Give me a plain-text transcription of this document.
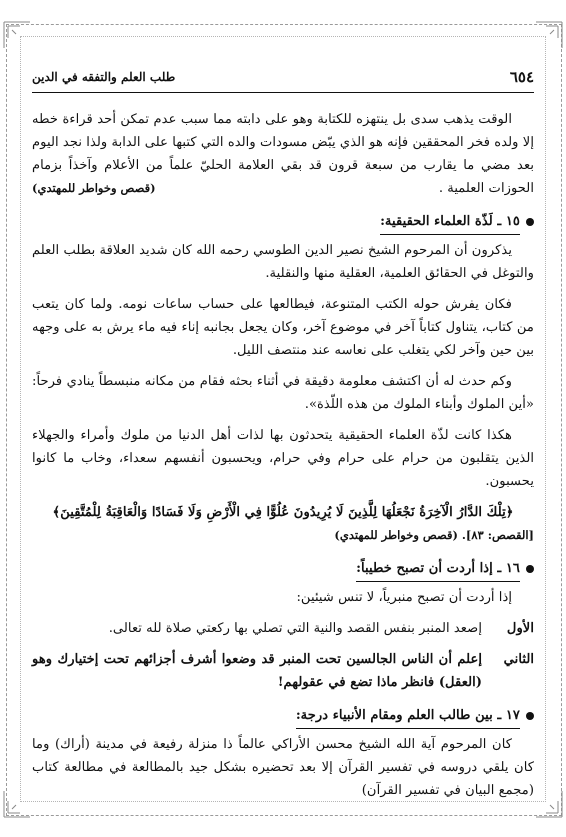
٦٥٤
طلب العلم والتفقه في الدين

الوقت يذهب سدى بل ينتهزه للكتابة وهو على دابته مما سبب عدم تمكن أحد قراءة خطه إلا ولده فخر المحققين فإنه هو الذي يبّض مسودات والده التي كتبها على الدابة ولذا نجد اليوم بعد مضي ما يقارب من سبعة قرون قد بقي العلامة الحليّ علماً من الأعلام وآخذاً بزمام الحوزات العلمية .

(قصص وخواطر للمهتدي)

١٥ ـ لَذّة العلماء الحقيقية:

يذكرون أن المرحوم الشيخ نصير الدين الطوسي رحمه الله كان شديد العلاقة بطلب العلم والتوغل في الحقائق العلمية، العقلية منها والنقلية.

فكان يفرش حوله الكتب المتنوعة، فيطالعها على حساب ساعات نومه. ولما كان يتعب من كتاب، يتناول كتاباً آخر في موضوع آخر، وكان يجعل بجانبه إناء فيه ماء يرش به على وجهه بين حين وآخر لكي يتغلب على نعاسه عند منتصف الليل.

وكم حدث له أن اكتشف معلومة دقيقة في أثناء بحثه فقام من مكانه منبسطاً ينادي فرحاً: «أين الملوك وأبناء الملوك من هذه اللّذة».

هكذا كانت لذّة العلماء الحقيقية يتحدثون بها لذات أهل الدنيا من ملوك وأمراء والجهلاء الذين يتقلبون من حرام على حرام وفي حرام، ويحسبون أنفسهم سعداء، وخاب ما كانوا يحسبون.

﴿تِلْكَ الدَّارُ الْآخِرَةُ نَجْعَلُهَا لِلَّذِينَ لَا يُرِيدُونَ عُلُوًّا فِي الْأَرْضِ وَلَا فَسَادًا وَالْعَاقِبَةُ لِلْمُتَّقِينَ﴾

[القصص: ٨٣]. (قصص وخواطر للمهتدي)

١٦ ـ إذا أردت أن تصبح خطيباً:

إذا أردت أن تصبح منبرياً، لا تنس شيئين:

الأول
إصعد المنبر بنفس القصد والنية التي تصلي بها ركعتي صلاة لله تعالى.
الثاني
إعلم أن الناس الجالسين تحت المنبر قد وضعوا أشرف أجزائهم تحت إختيارك وهو (العقل) فانظر ماذا تضع في عقولهم!

١٧ ـ بين طالب العلم ومقام الأنبياء درجة:

كان المرحوم آية الله الشيخ محسن الأراكي عالماً ذا منزلة رفيعة في مدينة (أراك) وما كان يلقي دروسه في تفسير القرآن إلا بعد تحضيره بشكل جيد بالمطالعة في مطالعة كتاب (مجمع البيان في تفسير القرآن)
